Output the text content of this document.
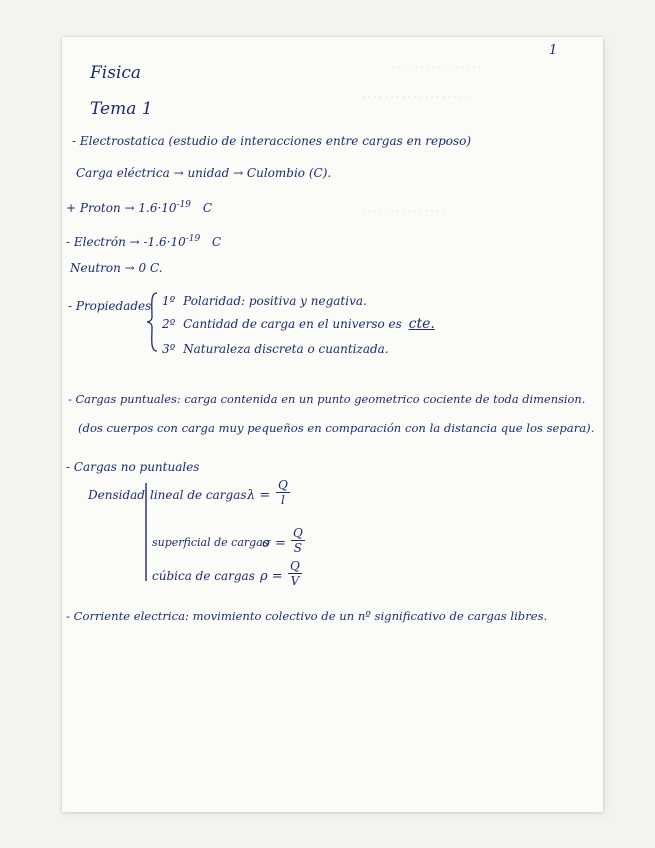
· · · · · · · · · · · · · · · ·
· · · · · · · · · · · · · · · · · · ·
· · · · · · · · · · · · · · ·
1
Fisica
Tema 1
- Electrostatica (estudio de interacciones entre cargas en reposo)
Carga eléctrica → unidad → Culombio (C).
+ Proton → $1.6\cdot 10^{-19}$ C
- Electrón → $-1.6\cdot 10^{-19}$ C
Neutron → 0 C.
- Propiedades 1º Polaridad: positiva y negativa.
2º Cantidad de carga en el universo es cte.
3º Naturaleza discreta o cuantizada.
- Cargas puntuales: carga contenida en un punto geometrico cociente de toda dimension.
(dos cuerpos con carga muy pequeños en comparación con la distancia que los separa).
- Cargas no puntuales
Densidad lineal de cargas $\lambda = \frac{Q}{l}$
superficial de cargas
$\sigma = \frac{Q}{S}$
cúbica de cargas $\rho = \frac{Q}{V}$
- Corriente electrica: movimiento colectivo de un nº significativo de cargas libres.
